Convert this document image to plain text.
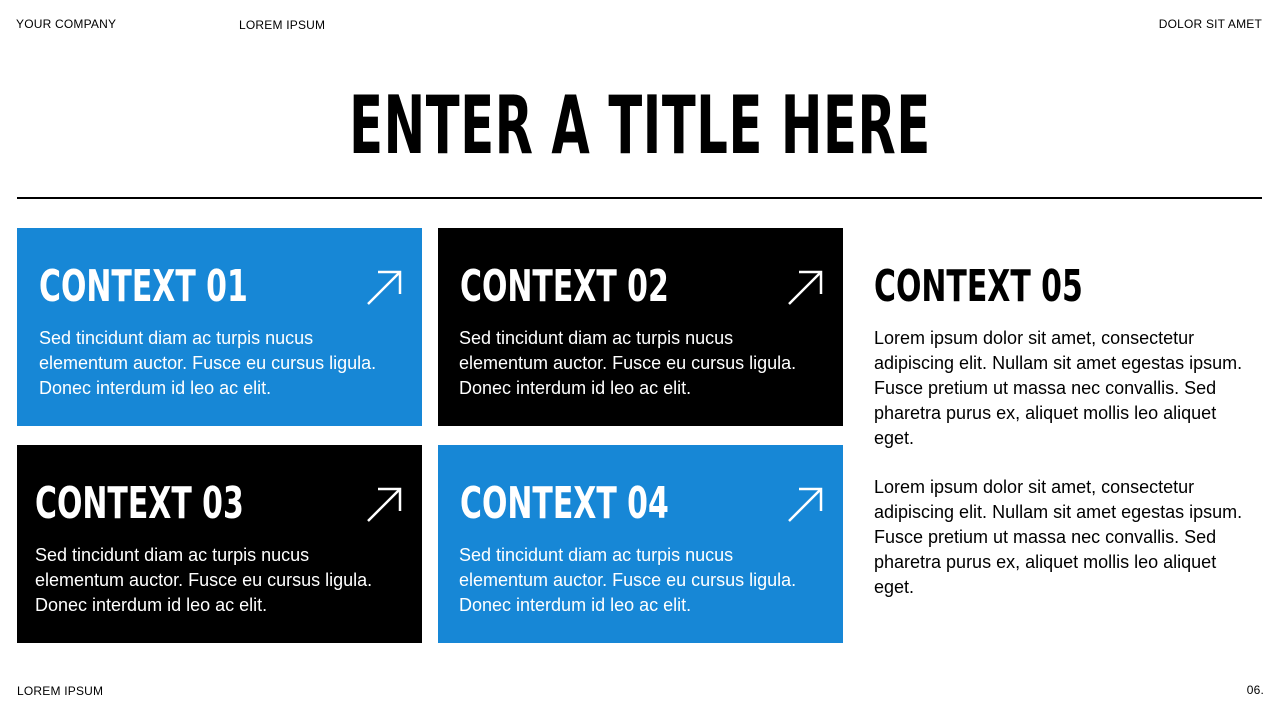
YOUR COMPANY	LOREM IPSUM	DOLOR SIT AMET
ENTER A TITLE HERE
CONTEXT 01
Sed tincidunt diam ac turpis nucus elementum auctor. Fusce eu cursus ligula. Donec interdum id leo ac elit.
CONTEXT 02
Sed tincidunt diam ac turpis nucus elementum auctor. Fusce eu cursus ligula. Donec interdum id leo ac elit.
CONTEXT 03
Sed tincidunt diam ac turpis nucus elementum auctor. Fusce eu cursus ligula. Donec interdum id leo ac elit.
CONTEXT 04
Sed tincidunt diam ac turpis nucus elementum auctor. Fusce eu cursus ligula. Donec interdum id leo ac elit.
CONTEXT 05
Lorem ipsum dolor sit amet, consectetur adipiscing elit. Nullam sit amet egestas ipsum. Fusce pretium ut massa nec convallis. Sed pharetra purus ex, aliquet mollis leo aliquet eget.
Lorem ipsum dolor sit amet, consectetur adipiscing elit. Nullam sit amet egestas ipsum. Fusce pretium ut massa nec convallis. Sed pharetra purus ex, aliquet mollis leo aliquet eget.
LOREM IPSUM	06.
